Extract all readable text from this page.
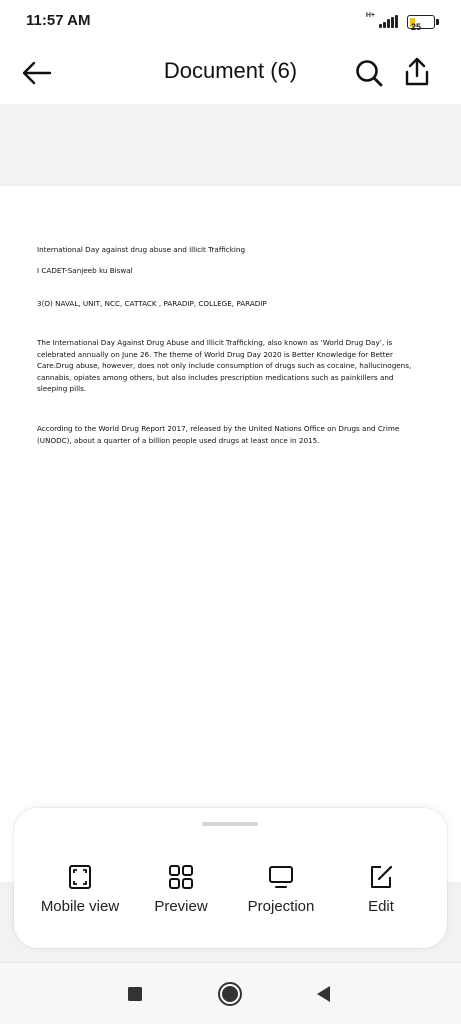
11:57 AM	H+
25
Document (6)
International Day against drug abuse and illicit Trafficking
I CADET-Sanjeeb ku Biswal
3(O) NAVAL, UNIT, NCC, CATTACK , PARADIP, COLLEGE, PARADIP
The International Day Against Drug Abuse and Illicit Trafficking, also known as ‘World Drug Day’, is celebrated annually on June 26. The theme of World Drug Day 2020 is Better Knowledge for Better Care.Drug abuse, however, does not only include consumption of drugs such as cocaine, hallucinogens, cannabis, opiates among others, but also includes prescription medications such as painkillers and sleeping pills.
According to the World Drug Report 2017, released by the United Nations Office on Drugs and Crime (UNODC), about a quarter of a billion people used drugs at least once in 2015.
Mobile view	Preview	Projection	Edit
